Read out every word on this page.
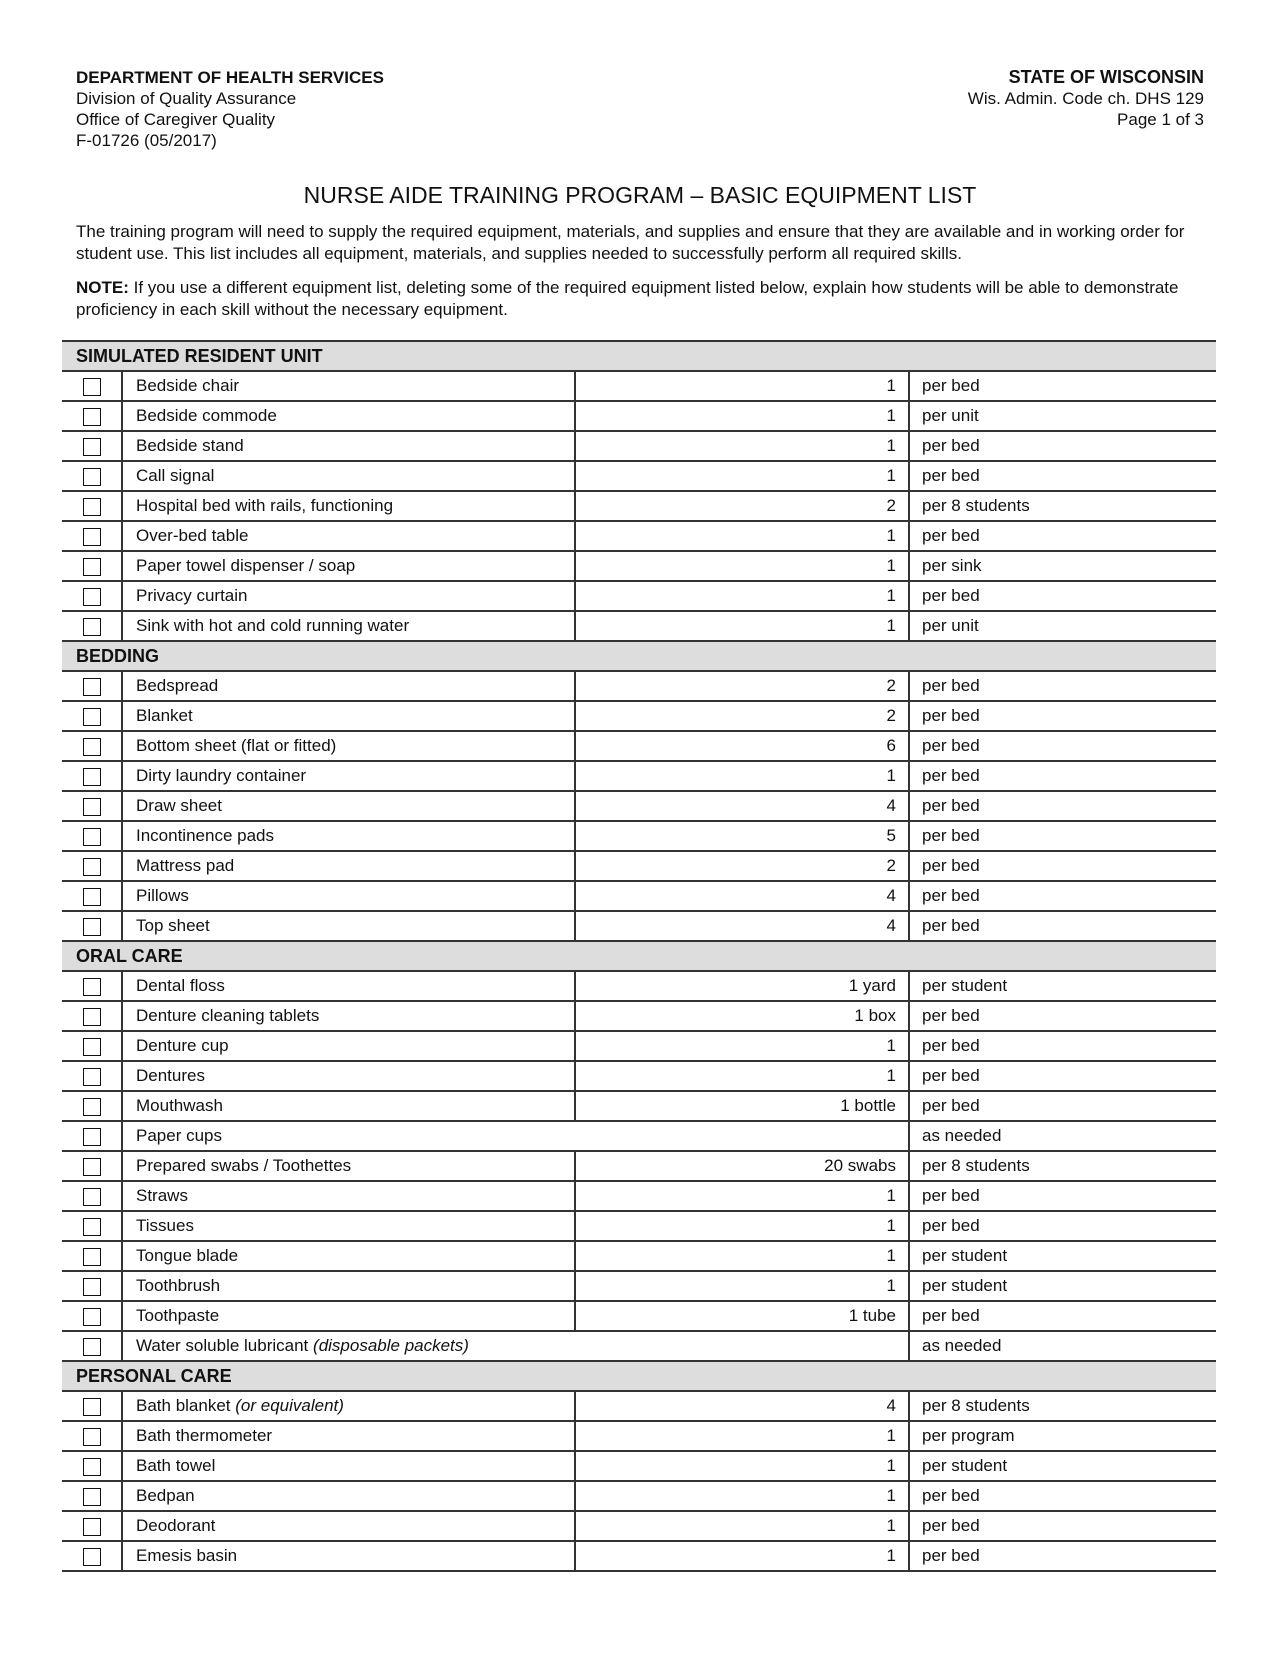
DEPARTMENT OF HEALTH SERVICES
Division of Quality Assurance
Office of Caregiver Quality
F-01726 (05/2017)
STATE OF WISCONSIN
Wis. Admin. Code ch. DHS 129
Page 1 of 3
NURSE AIDE TRAINING PROGRAM – BASIC EQUIPMENT LIST
The training program will need to supply the required equipment, materials, and supplies and ensure that they are available and in working order for student use. This list includes all equipment, materials, and supplies needed to successfully perform all required skills.
NOTE: If you use a different equipment list, deleting some of the required equipment listed below, explain how students will be able to demonstrate proficiency in each skill without the necessary equipment.
SIMULATED RESIDENT UNIT			
	Bedside chair	1	per bed
	Bedside commode	1	per unit
	Bedside stand	1	per bed
	Call signal	1	per bed
	Hospital bed with rails, functioning	2	per 8 students
	Over-bed table	1	per bed
	Paper towel dispenser / soap	1	per sink
	Privacy curtain	1	per bed
	Sink with hot and cold running water	1	per unit
BEDDING			
	Bedspread	2	per bed
	Blanket	2	per bed
	Bottom sheet (flat or fitted)	6	per bed
	Dirty laundry container	1	per bed
	Draw sheet	4	per bed
	Incontinence pads	5	per bed
	Mattress pad	2	per bed
	Pillows	4	per bed
	Top sheet	4	per bed
ORAL CARE			
	Dental floss	1 yard	per student
	Denture cleaning tablets	1 box	per bed
	Denture cup	1	per bed
	Dentures	1	per bed
	Mouthwash	1 bottle	per bed
	Paper cups		as needed
	Prepared swabs / Toothettes	20 swabs	per 8 students
	Straws	1	per bed
	Tissues	1	per bed
	Tongue blade	1	per student
	Toothbrush	1	per student
	Toothpaste	1 tube	per bed
	Water soluble lubricant (disposable packets)		as needed
PERSONAL CARE			
	Bath blanket (or equivalent)	4	per 8 students
	Bath thermometer	1	per program
	Bath towel	1	per student
	Bedpan	1	per bed
	Deodorant	1	per bed
	Emesis basin	1	per bed
